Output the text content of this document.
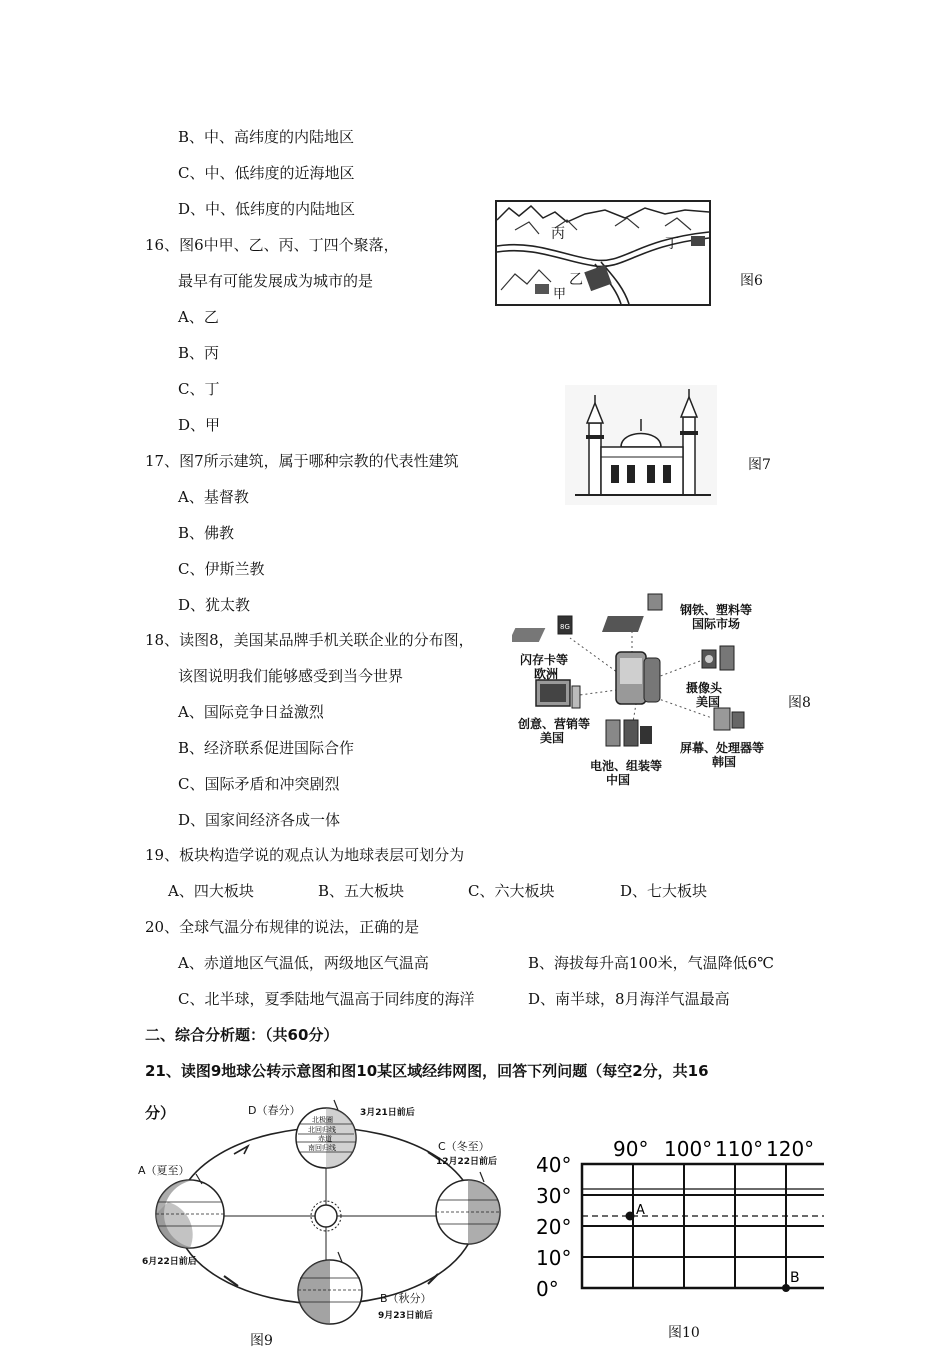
B、中、高纬度的内陆地区
C、中、低纬度的近海地区
D、中、低纬度的内陆地区
16、图6中甲、乙、丙、丁四个聚落，
最早有可能发展成为城市的是
A、乙
B、丙
C、丁
D、甲
丙
丁
乙
甲
图6
17、图7所示建筑，属于哪种宗教的代表性建筑
A、基督教
B、佛教
C、伊斯兰教
D、犹太教
图7
18、读图8，美国某品牌手机关联企业的分布图，
该图说明我们能够感受到当今世界
A、国际竞争日益激烈
B、经济联系促进国际合作
C、国际矛盾和冲突剧烈
D、国家间经济各成一体
8G
钢铁、塑料等
国际市场
闪存卡等
欧洲
摄像头
美国
创意、营销等
美国
屏幕、处理器等
韩国
电池、组装等
中国
图8
19、板块构造学说的观点认为地球表层可划分为
A、四大板块	B、五大板块	C、六大板块	D、七大板块
20、全球气温分布规律的说法，正确的是
A、赤道地区气温低，两级地区气温高	B、海拔每升高100米，气温降低6℃
C、北半球，夏季陆地气温高于同纬度的海洋	D、南半球，8月海洋气温最高
二、综合分析题：（共60分）
21、读图9地球公转示意图和图10某区域经纬网图，回答下列问题（每空2分，共16
分）	北极圈
北回归线
赤道
南回归线
D（春分）	3月21日前后
C（冬至）
12月22日前后
A（夏至）
6月22日前后
B（秋分）
9月23日前后
图9
90° 100° 110° 120°
40°
30°
20°
10°
0°
A
B
图10
